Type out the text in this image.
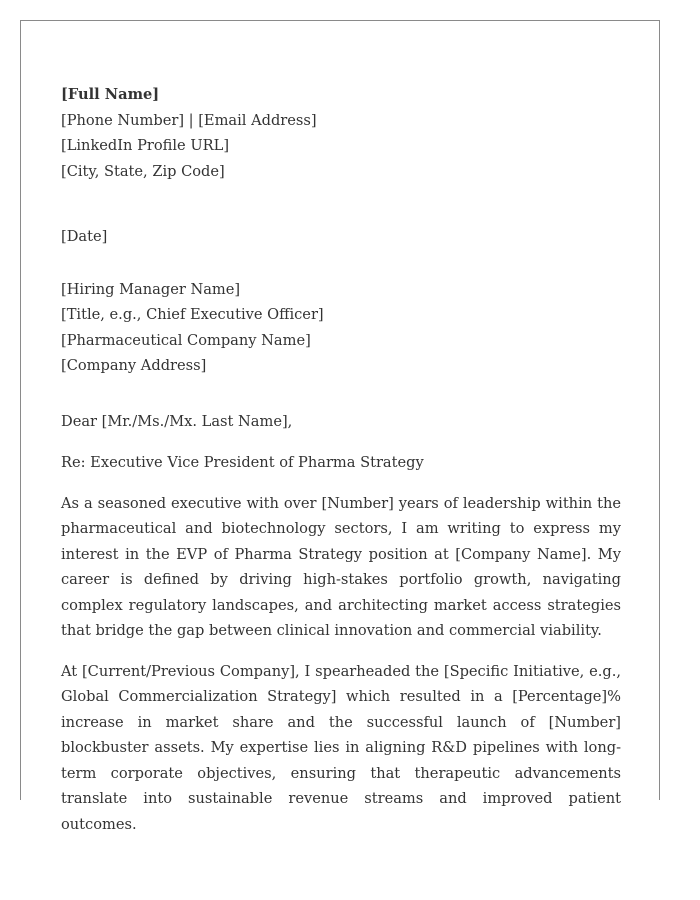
[Full Name]
[Phone Number] | [Email Address]
[LinkedIn Profile URL]
[City, State, Zip Code]
[Date]
[Hiring Manager Name]
[Title, e.g., Chief Executive Officer]
[Pharmaceutical Company Name]
[Company Address]
Dear [Mr./Ms./Mx. Last Name],
Re: Executive Vice President of Pharma Strategy

As a seasoned executive with over [Number] years of leadership within the pharmaceutical and biotechnology sectors, I am writing to express my interest in the EVP of Pharma Strategy position at [Company Name]. My career is defined by driving high-stakes portfolio growth, navigating complex regulatory landscapes, and architecting market access strategies that bridge the gap between clinical innovation and commercial viability.

At [Current/Previous Company], I spearheaded the [Specific Initiative, e.g., Global Commercialization Strategy] which resulted in a [Percentage]% increase in market share and the successful launch of [Number] blockbuster assets. My expertise lies in aligning R&D pipelines with long-term corporate objectives, ensuring that therapeutic advancements translate into sustainable revenue streams and improved patient outcomes.
